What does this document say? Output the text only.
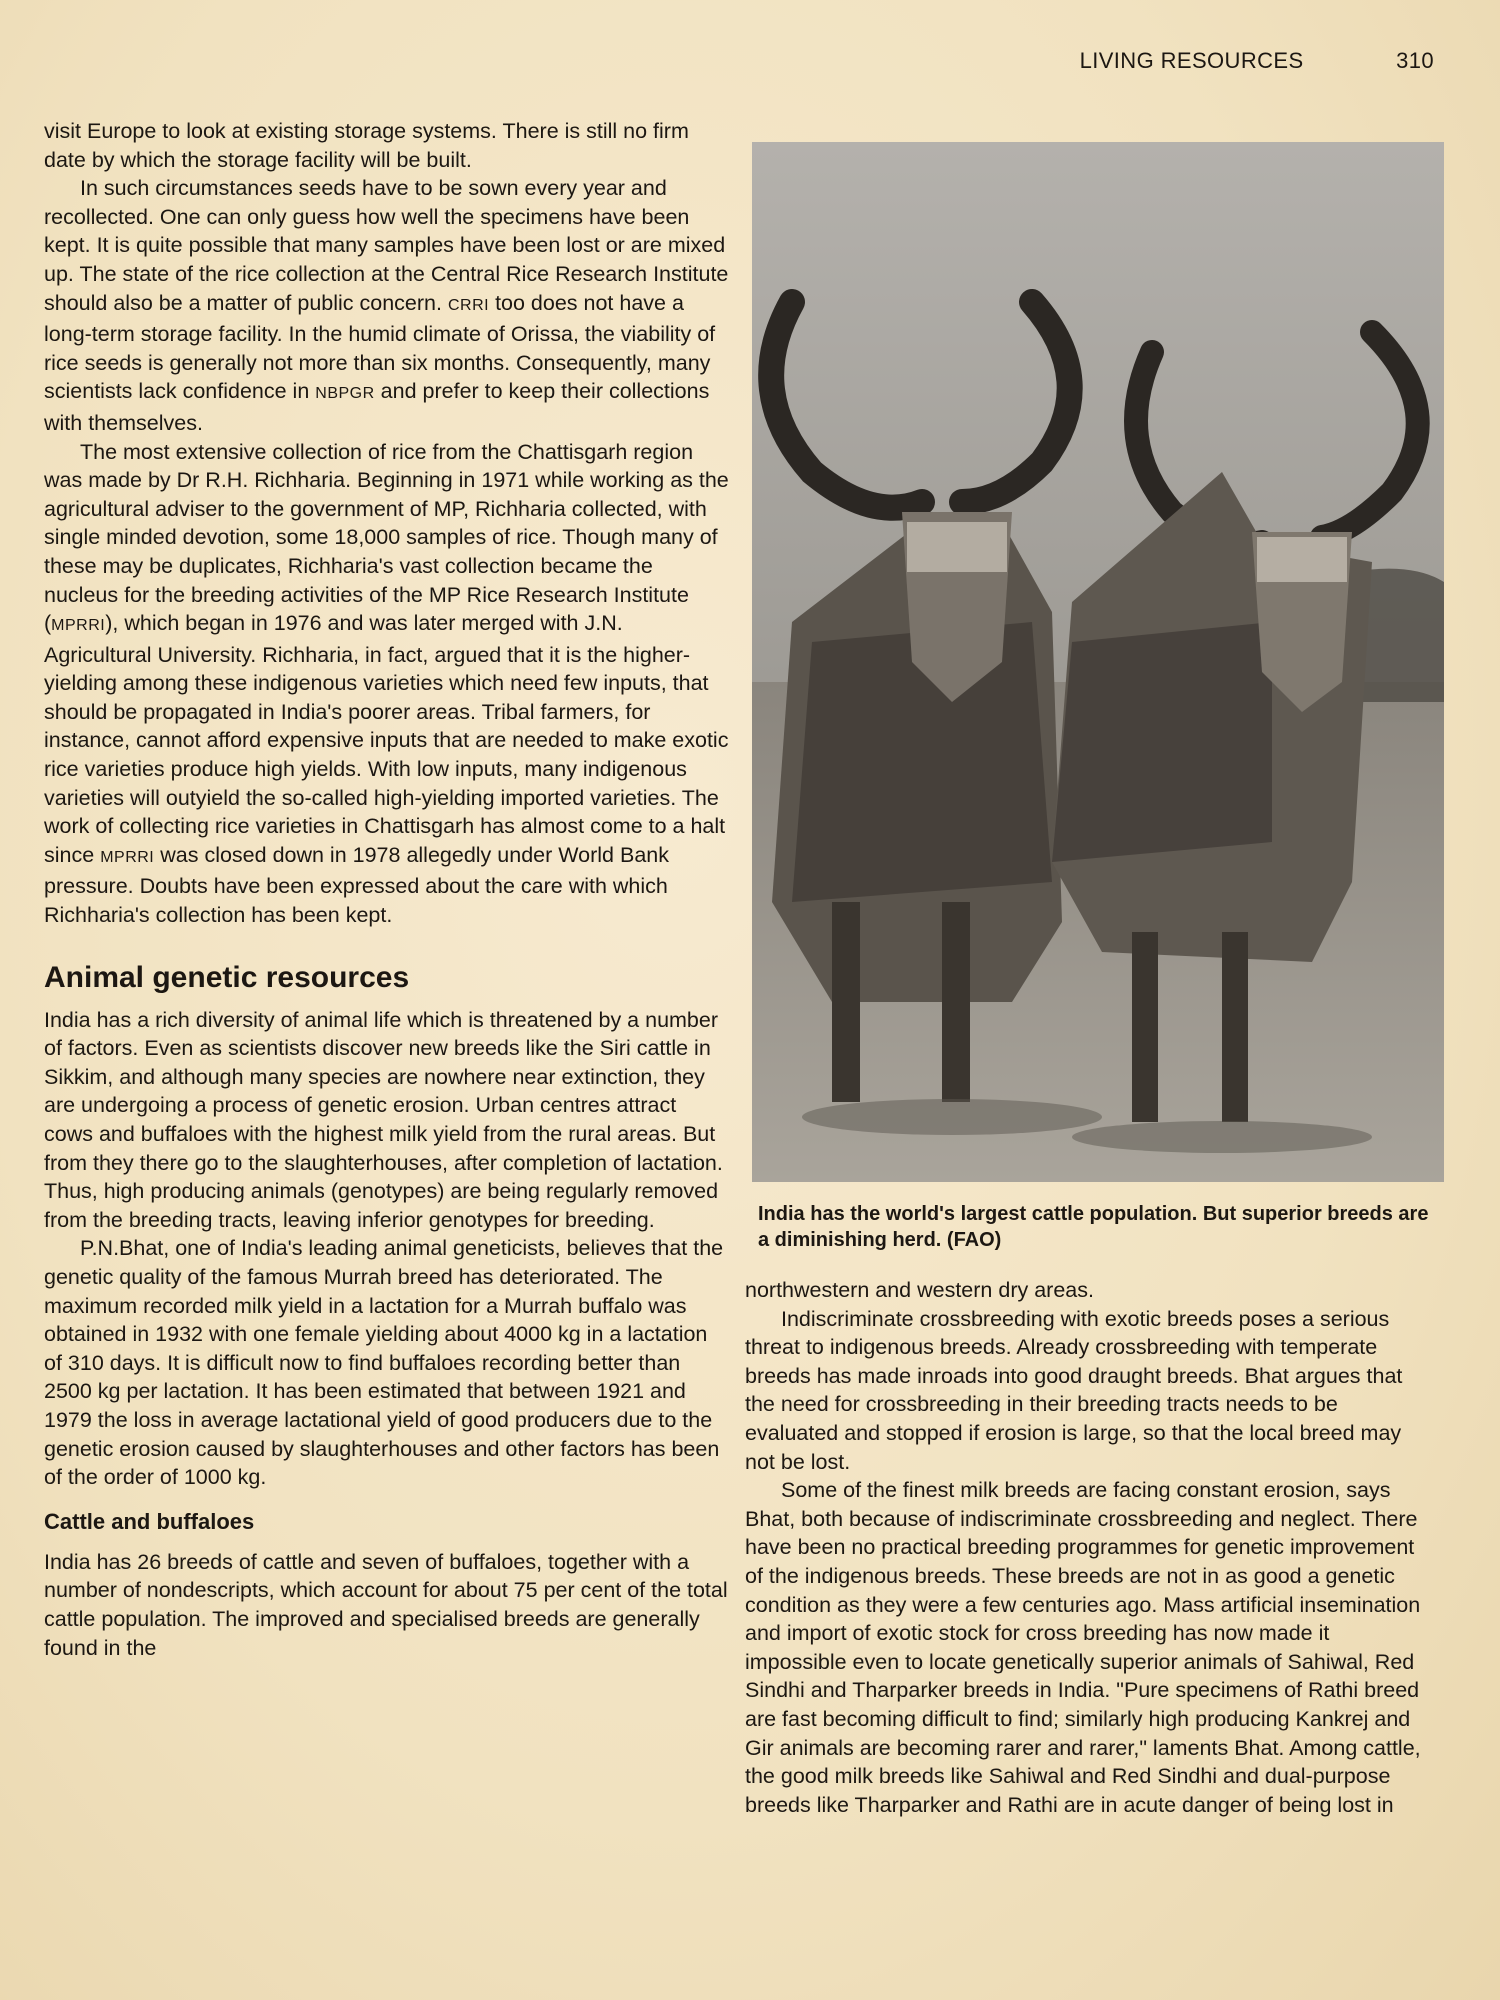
LIVING RESOURCES	310

visit Europe to look at existing storage systems. There is still no firm date by which the storage facility will be built.

In such circumstances seeds have to be sown every year and recollected. One can only guess how well the specimens have been kept. It is quite possible that many samples have been lost or are mixed up. The state of the rice collection at the Central Rice Research Institute should also be a matter of public concern. CRRI too does not have a long-term storage facility. In the humid climate of Orissa, the viability of rice seeds is generally not more than six months. Consequently, many scientists lack confidence in NBPGR and prefer to keep their collections with themselves.

The most extensive collection of rice from the Chattisgarh region was made by Dr R.H. Richharia. Beginning in 1971 while working as the agricultural adviser to the government of MP, Richharia collected, with single minded devotion, some 18,000 samples of rice. Though many of these may be duplicates, Richharia's vast collection became the nucleus for the breeding activities of the MP Rice Research Institute (MPRRI), which began in 1976 and was later merged with J.N. Agricultural University. Richharia, in fact, argued that it is the higher-yielding among these indigenous varieties which need few inputs, that should be propagated in India's poorer areas. Tribal farmers, for instance, cannot afford expensive inputs that are needed to make exotic rice varieties produce high yields. With low inputs, many indigenous varieties will outyield the so-called high-yielding imported varieties. The work of collecting rice varieties in Chattisgarh has almost come to a halt since MPRRI was closed down in 1978 allegedly under World Bank pressure. Doubts have been expressed about the care with which Richharia's collection has been kept.

Animal genetic resources

India has a rich diversity of animal life which is threatened by a number of factors. Even as scientists discover new breeds like the Siri cattle in Sikkim, and although many species are nowhere near extinction, they are undergoing a process of genetic erosion. Urban centres attract cows and buffaloes with the highest milk yield from the rural areas. But from they there go to the slaughterhouses, after completion of lactation. Thus, high producing animals (genotypes) are being regularly removed from the breeding tracts, leaving inferior genotypes for breeding.

P.N.Bhat, one of India's leading animal geneticists, believes that the genetic quality of the famous Murrah breed has deteriorated. The maximum recorded milk yield in a lactation for a Murrah buffalo was obtained in 1932 with one female yielding about 4000 kg in a lactation of 310 days. It is difficult now to find buffaloes recording better than 2500 kg per lactation. It has been estimated that between 1921 and 1979 the loss in average lactational yield of good producers due to the genetic erosion caused by slaughterhouses and other factors has been of the order of 1000 kg.

Cattle and buffaloes

India has 26 breeds of cattle and seven of buffaloes, together with a number of nondescripts, which account for about 75 per cent of the total cattle population. The improved and specialised breeds are generally found in the

India has the world's largest cattle population. But superior breeds are a diminishing herd. (FAO)

northwestern and western dry areas.

Indiscriminate crossbreeding with exotic breeds poses a serious threat to indigenous breeds. Already crossbreeding with temperate breeds has made inroads into good draught breeds. Bhat argues that the need for crossbreeding in their breeding tracts needs to be evaluated and stopped if erosion is large, so that the local breed may not be lost.

Some of the finest milk breeds are facing constant erosion, says Bhat, both because of indiscriminate crossbreeding and neglect. There have been no practical breeding programmes for genetic improvement of the indigenous breeds. These breeds are not in as good a genetic condition as they were a few centuries ago. Mass artificial insemination and import of exotic stock for cross breeding has now made it impossible even to locate genetically superior animals of Sahiwal, Red Sindhi and Tharparker breeds in India. "Pure specimens of Rathi breed are fast becoming difficult to find; similarly high producing Kankrej and Gir animals are becoming rarer and rarer," laments Bhat. Among cattle, the good milk breeds like Sahiwal and Red Sindhi and dual-purpose breeds like Tharparker and Rathi are in acute danger of being lost in
